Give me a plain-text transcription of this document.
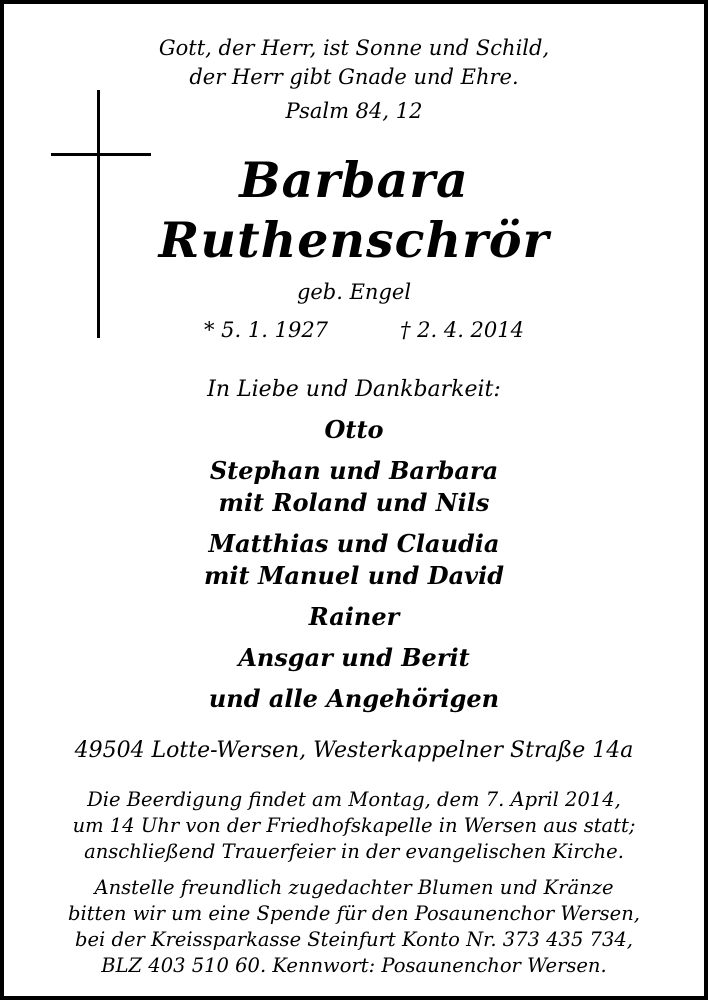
Gott, der Herr, ist Sonne und Schild,
der Herr gibt Gnade und Ehre.
Psalm 84, 12
Barbara
Ruthenschrör
geb. Engel
* 5. 1. 1927	† 2. 4. 2014
In Liebe und Dankbarkeit:
Otto
Stephan und Barbara
mit Roland und Nils
Matthias und Claudia
mit Manuel und David
Rainer
Ansgar und Berit
und alle Angehörigen
49504 Lotte-Wersen, Westerkappelner Straße 14a
Die Beerdigung findet am Montag, dem 7. April 2014,
um 14 Uhr von der Friedhofskapelle in Wersen aus statt;
anschließend Trauerfeier in der evangelischen Kirche.
Anstelle freundlich zugedachter Blumen und Kränze
bitten wir um eine Spende für den Posaunenchor Wersen,
bei der Kreissparkasse Steinfurt Konto Nr. 373 435 734,
BLZ 403 510 60. Kennwort: Posaunenchor Wersen.
